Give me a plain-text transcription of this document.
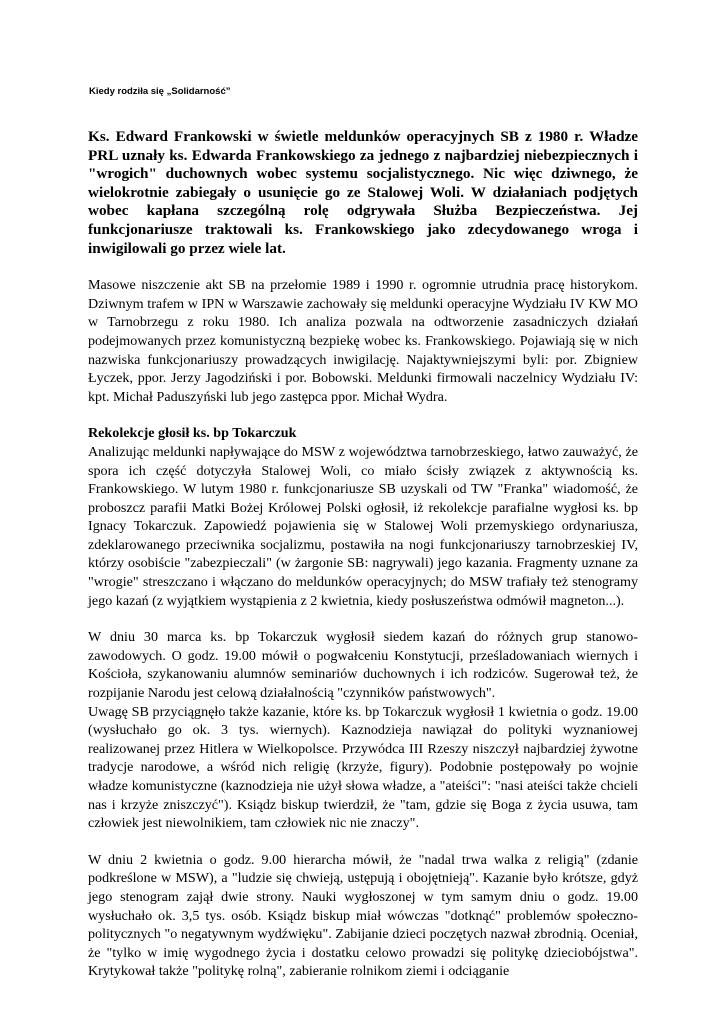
Kiedy rodziła się „Solidarność”

Ks. Edward Frankowski w świetle meldunków operacyjnych SB z 1980 r. Władze PRL uznały ks. Edwarda Frankowskiego za jednego z najbardziej niebezpiecznych i "wrogich" duchownych wobec systemu socjalistycznego. Nic więc dziwnego, że wielokrotnie zabiegały o usunięcie go ze Stalowej Woli. W działaniach podjętych wobec kapłana szczególną rolę odgrywała Służba Bezpieczeństwa. Jej funkcjonariusze traktowali ks. Frankowskiego jako zdecydowanego wroga i inwigilowali go przez wiele lat.

Masowe niszczenie akt SB na przełomie 1989 i 1990 r. ogromnie utrudnia pracę historykom. Dziwnym trafem w IPN w Warszawie zachowały się meldunki operacyjne Wydziału IV KW MO w Tarnobrzegu z roku 1980. Ich analiza pozwala na odtworzenie zasadniczych działań podejmowanych przez komunistyczną bezpiekę wobec ks. Frankowskiego. Pojawiają się w nich nazwiska funkcjonariuszy prowadzących inwigilację. Najaktywniejszymi byli: por. Zbigniew Łyczek, ppor. Jerzy Jagodziński i por. Bobowski. Meldunki firmowali naczelnicy Wydziału IV: kpt. Michał Paduszyński lub jego zastępca ppor. Michał Wydra.

Rekolekcje głosił ks. bp Tokarczuk

Analizując meldunki napływające do MSW z województwa tarnobrzeskiego, łatwo zauważyć, że spora ich część dotyczyła Stalowej Woli, co miało ścisły związek z aktywnością ks. Frankowskiego. W lutym 1980 r. funkcjonariusze SB uzyskali od TW "Franka" wiadomość, że proboszcz parafii Matki Bożej Królowej Polski ogłosił, iż rekolekcje parafialne wygłosi ks. bp Ignacy Tokarczuk. Zapowiedź pojawienia się w Stalowej Woli przemyskiego ordynariusza, zdeklarowanego przeciwnika socjalizmu, postawiła na nogi funkcjonariuszy tarnobrzeskiej IV, którzy osobiście "zabezpieczali" (w żargonie SB: nagrywali) jego kazania. Fragmenty uznane za "wrogie" streszczano i włączano do meldunków operacyjnych; do MSW trafiały też stenogramy jego kazań (z wyjątkiem wystąpienia z 2 kwietnia, kiedy posłuszeństwa odmówił magneton...).

W dniu 30 marca ks. bp Tokarczuk wygłosił siedem kazań do różnych grup stanowo-zawodowych. O godz. 19.00 mówił o pogwałceniu Konstytucji, prześladowaniach wiernych i Kościoła, szykanowaniu alumnów seminariów duchownych i ich rodziców. Sugerował też, że rozpijanie Narodu jest celową działalnością "czynników państwowych".

Uwagę SB przyciągnęło także kazanie, które ks. bp Tokarczuk wygłosił 1 kwietnia o godz. 19.00 (wysłuchało go ok. 3 tys. wiernych). Kaznodzieja nawiązał do polityki wyznaniowej realizowanej przez Hitlera w Wielkopolsce. Przywódca III Rzeszy niszczył najbardziej żywotne tradycje narodowe, a wśród nich religię (krzyże, figury). Podobnie postępowały po wojnie władze komunistyczne (kaznodzieja nie użył słowa władze, a "ateiści": "nasi ateiści także chcieli nas i krzyże zniszczyć"). Ksiądz biskup twierdził, że "tam, gdzie się Boga z życia usuwa, tam człowiek jest niewolnikiem, tam człowiek nic nie znaczy".

W dniu 2 kwietnia o godz. 9.00 hierarcha mówił, że "nadal trwa walka z religią" (zdanie podkreślone w MSW), a "ludzie się chwieją, ustępują i obojętnieją". Kazanie było krótsze, gdyż jego stenogram zajął dwie strony. Nauki wygłoszonej w tym samym dniu o godz. 19.00 wysłuchało ok. 3,5 tys. osób. Ksiądz biskup miał wówczas "dotknąć" problemów społeczno-politycznych "o negatywnym wydźwięku". Zabijanie dzieci poczętych nazwał zbrodnią. Oceniał, że "tylko w imię wygodnego życia i dostatku celowo prowadzi się politykę dzieciobójstwa". Krytykował także "politykę rolną", zabieranie rolnikom ziemi i odciąganie
